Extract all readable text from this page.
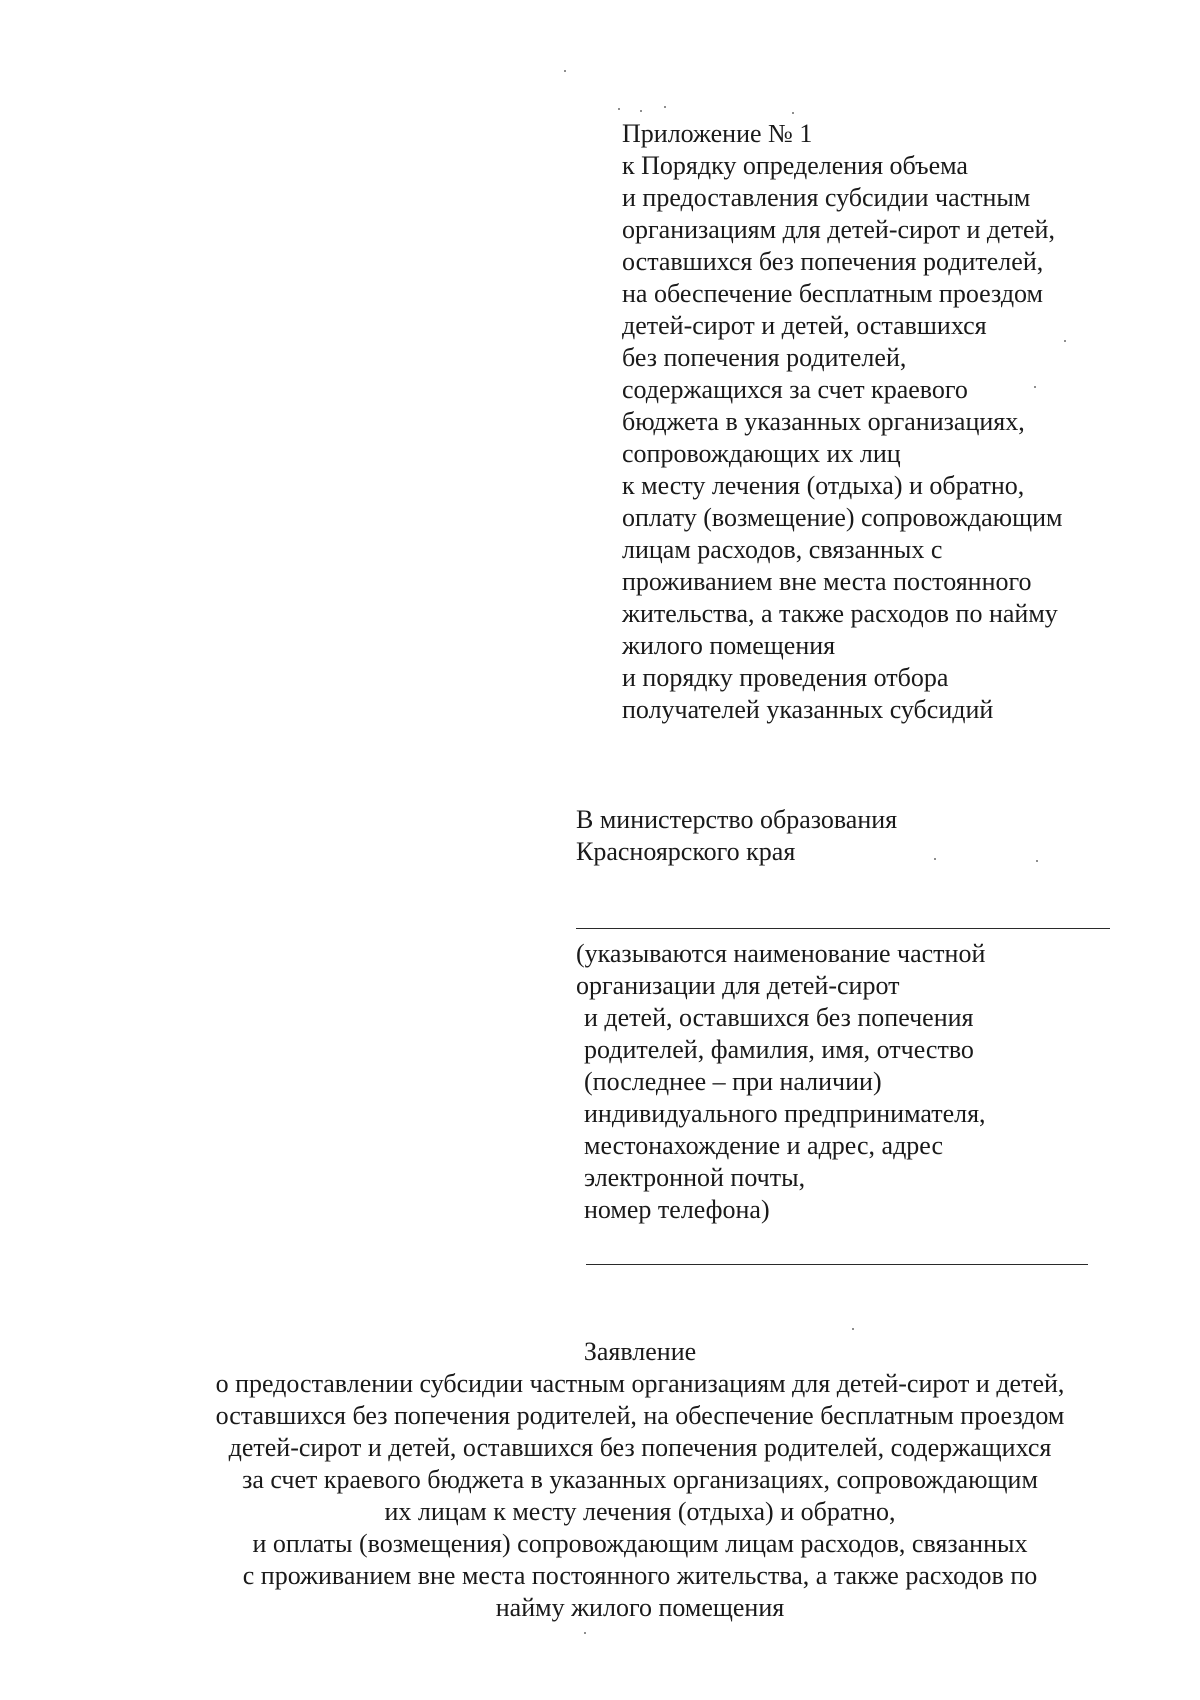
Приложение № 1
к Порядку определения объема
и предоставления субсидии частным
организациям для детей-сирот и детей,
оставшихся без попечения родителей,
на обеспечение бесплатным проездом
детей-сирот и детей, оставшихся
без попечения родителей,
содержащихся за счет краевого
бюджета в указанных организациях,
сопровождающих их лиц
к месту лечения (отдыха) и обратно,
оплату (возмещение) сопровождающим
лицам расходов, связанных с
проживанием вне места постоянного
жительства, а также расходов по найму
жилого помещения
и порядку проведения отбора
получателей указанных субсидий
В министерство образования
Красноярского края
(указываются наименование частной
организации для детей-сирот
и детей, оставшихся без попечения
родителей, фамилия, имя, отчество
(последнее – при наличии)
индивидуального предпринимателя,
местонахождение и адрес, адрес
электронной почты,
номер телефона)
Заявление
о предоставлении субсидии частным организациям для детей-сирот и детей,
оставшихся без попечения родителей, на обеспечение бесплатным проездом
детей-сирот и детей, оставшихся без попечения родителей, содержащихся
за счет краевого бюджета в указанных организациях, сопровождающим
их лицам к месту лечения (отдыха) и обратно,
и оплаты (возмещения) сопровождающим лицам расходов, связанных
с проживанием вне места постоянного жительства, а также расходов по
найму жилого помещения
